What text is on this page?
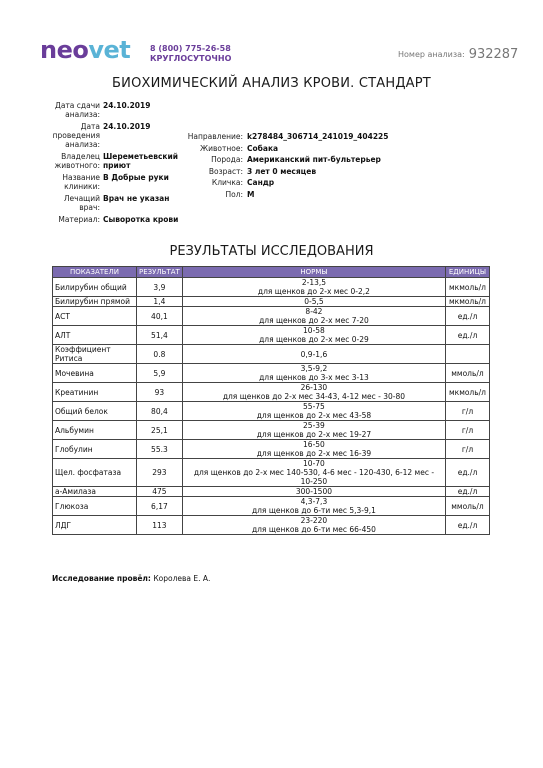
neovet 8 (800) 775-26-58
КРУГЛОСУТОЧНО	Номер анализа: 932287
БИОХИМИЧЕСКИЙ АНАЛИЗ КРОВИ. СТАНДАРТ
Дата сдачи анализа:
24.10.2019
Дата проведения анализа:
24.10.2019
Владелец животного:
Шереметьевский приют
Название клиники:
В Добрые руки
Лечащий врач:
Врач не указан
Материал: Сыворотка крови
Направление: k278484_306714_241019_404225
Животное: Собака
Порода: Американский пит-бультерьер
Возраст: 3 лет 0 месяцев
Кличка: Сандр
Пол: М
РЕЗУЛЬТАТЫ ИССЛЕДОВАНИЯ
ПОКАЗАТЕЛИ	РЕЗУЛЬТАТ	НОРМЫ	ЕДИНИЦЫ
Билирубин общий	3,9	2-13,5
для щенков до 2-х мес 0-2,2	мкмоль/л
Билирубин прямой	1,4	0-5,5	мкмоль/л
АСТ	40,1	8-42
для щенков до 2-х мес 7-20	ед./л
АЛТ	51,4	10-58
для щенков до 2-х мес 0-29	ед./л
Коэффициент Ритиса	0.8	0,9-1,6	

Мочевина	5,9	3,5-9,2
для щенков до 3-х мес 3-13	ммоль/л
Креатинин	93	26-130
для щенков до 2-х мес 34-43, 4-12 мес - 30-80	мкмоль/л
Общий белок	80,4	55-75
для щенков до 2-х мес 43-58	г/л
Альбумин	25,1	25-39
для щенков до 2-х мес 19-27	г/л
Глобулин	55.3	16-50
для щенков до 2-х мес 16-39	г/л
Щел. фосфатаза	293	10-70
для щенков до 2-х мес 140-530, 4-6 мес - 120-430, 6-12 мес -
10-250	ед./л
а-Амилаза	475	300-1500	ед./л
Глюкоза	6,17	4,3-7,3
для щенков до 6-ти мес 5,3-9,1	ммоль/л
ЛДГ	113	23-220
для щенков до 6-ти мес 66-450	ед./л
Исследование провёл: Королева Е. А.
